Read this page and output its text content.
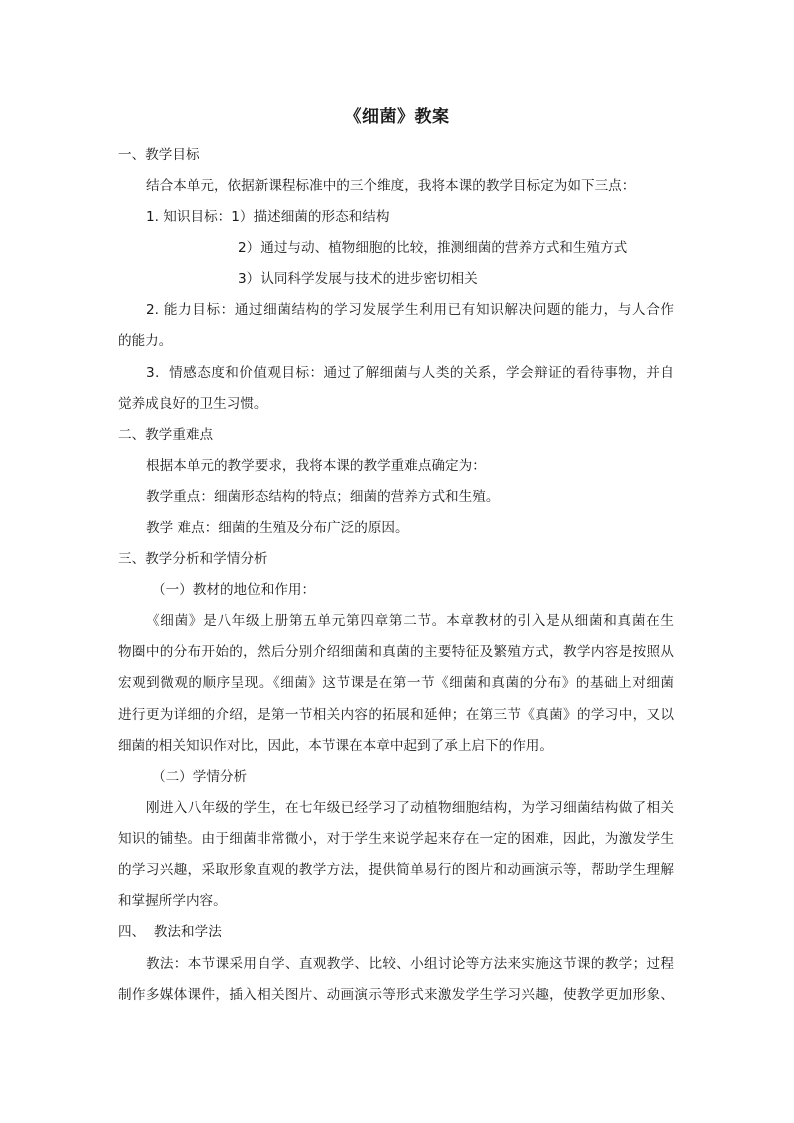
《细菌》教案
一、教学目标
结合本单元，依据新课程标准中的三个维度，我将本课的教学目标定为如下三点：
1. 知识目标：1）描述细菌的形态和结构
2）通过与动、植物细胞的比较，推测细菌的营养方式和生殖方式
3）认同科学发展与技术的进步密切相关
2. 能力目标：通过细菌结构的学习发展学生利用已有知识解决问题的能力，与人合作
的能力。
3．情感态度和价值观目标：通过了解细菌与人类的关系，学会辩证的看待事物，并自
觉养成良好的卫生习惯。
二、教学重难点
根据本单元的教学要求，我将本课的教学重难点确定为：
教学重点：细菌形态结构的特点；细菌的营养方式和生殖。
教学 难点：细菌的生殖及分布广泛的原因。
三、教学分析和学情分析
（一）教材的地位和作用：
《细菌》是八年级上册第五单元第四章第二节。本章教材的引入是从细菌和真菌在生
物圈中的分布开始的，然后分别介绍细菌和真菌的主要特征及繁殖方式，教学内容是按照从
宏观到微观的顺序呈现。《细菌》这节课是在第一节《细菌和真菌的分布》的基础上对细菌
进行更为详细的介绍，是第一节相关内容的拓展和延伸；在第三节《真菌》的学习中，又以
细菌的相关知识作对比，因此，本节课在本章中起到了承上启下的作用。
（二）学情分析
刚进入八年级的学生，在七年级已经学习了动植物细胞结构，为学习细菌结构做了相关
知识的铺垫。由于细菌非常微小，对于学生来说学起来存在一定的困难，因此，为激发学生
的学习兴趣，采取形象直观的教学方法，提供简单易行的图片和动画演示等，帮助学生理解
和掌握所学内容。
四、  教法和学法
教法：本节课采用自学、直观教学、比较、小组讨论等方法来实施这节课的教学；过程
制作多媒体课件，插入相关图片、动画演示等形式来激发学生学习兴趣，使教学更加形象、
